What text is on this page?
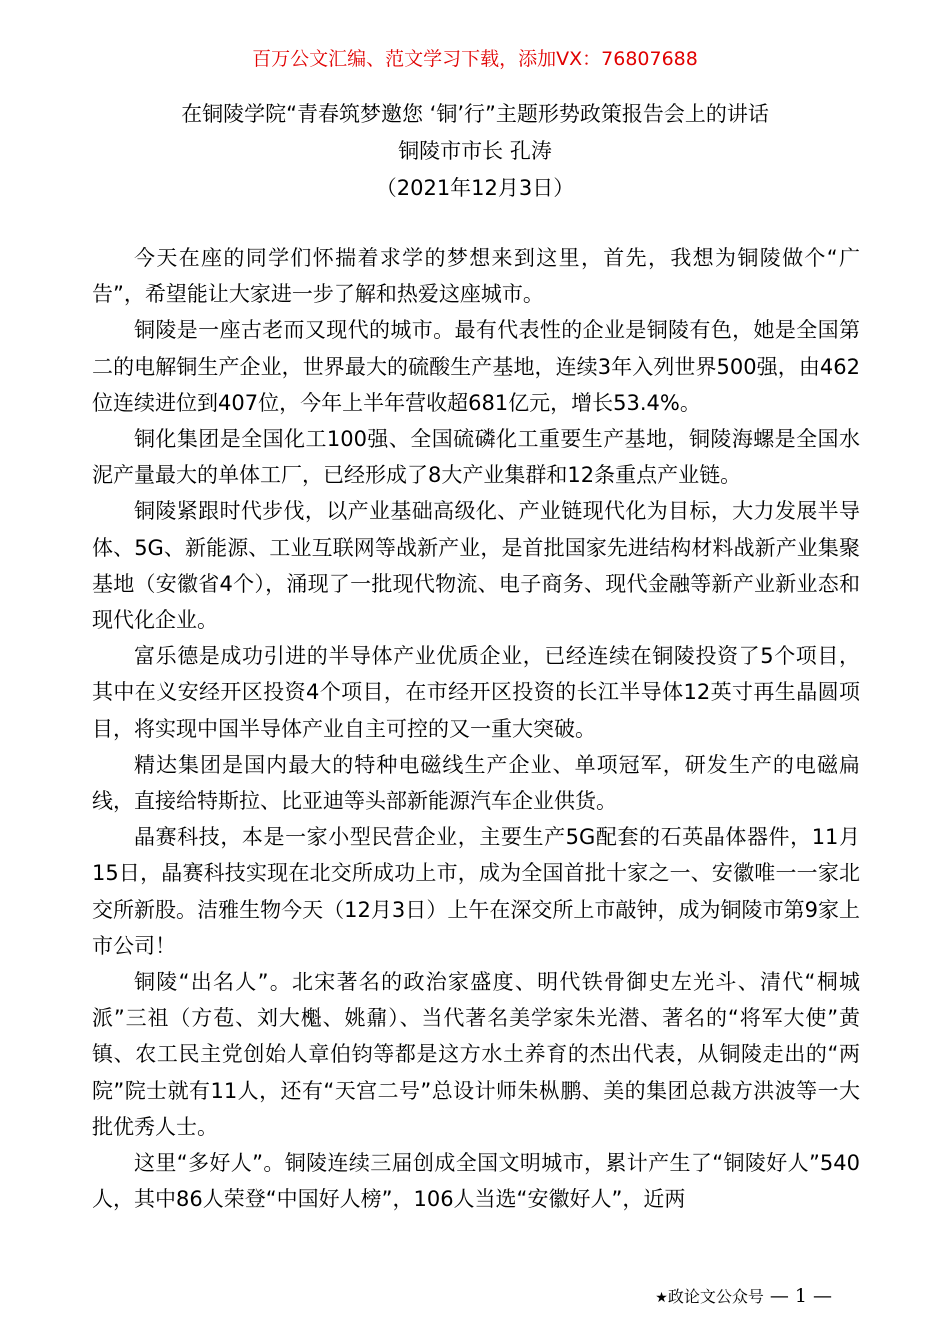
百万公文汇编、范文学习下载，添加VX：76807688
在铜陵学院“青春筑梦邀您 ‘铜’行”主题形势政策报告会上的讲话
铜陵市市长 孔涛
（2021年12月3日）

今天在座的同学们怀揣着求学的梦想来到这里，首先，我想为铜陵做个“广告”，希望能让大家进一步了解和热爱这座城市。

铜陵是一座古老而又现代的城市。最有代表性的企业是铜陵有色，她是全国第二的电解铜生产企业，世界最大的硫酸生产基地，连续3年入列世界500强，由462位连续进位到407位，今年上半年营收超681亿元，增长53.4%。

铜化集团是全国化工100强、全国硫磷化工重要生产基地，铜陵海螺是全国水泥产量最大的单体工厂，已经形成了8大产业集群和12条重点产业链。

铜陵紧跟时代步伐，以产业基础高级化、产业链现代化为目标，大力发展半导体、5G、新能源、工业互联网等战新产业，是首批国家先进结构材料战新产业集聚基地（安徽省4个），涌现了一批现代物流、电子商务、现代金融等新产业新业态和现代化企业。

富乐德是成功引进的半导体产业优质企业，已经连续在铜陵投资了5个项目，其中在义安经开区投资4个项目，在市经开区投资的长江半导体12英寸再生晶圆项目，将实现中国半导体产业自主可控的又一重大突破。

精达集团是国内最大的特种电磁线生产企业、单项冠军，研发生产的电磁扁线，直接给特斯拉、比亚迪等头部新能源汽车企业供货。

晶赛科技，本是一家小型民营企业，主要生产5G配套的石英晶体器件，11月15日，晶赛科技实现在北交所成功上市，成为全国首批十家之一、安徽唯一一家北交所新股。洁雅生物今天（12月3日）上午在深交所上市敲钟，成为铜陵市第9家上市公司！

铜陵“出名人”。北宋著名的政治家盛度、明代铁骨御史左光斗、清代“桐城派”三祖（方苞、刘大櫆、姚鼐）、当代著名美学家朱光潜、著名的“将军大使”黄镇、农工民主党创始人章伯钧等都是这方水土养育的杰出代表，从铜陵走出的“两院”院士就有11人，还有“天宫二号”总设计师朱枞鹏、美的集团总裁方洪波等一大批优秀人士。

这里“多好人”。铜陵连续三届创成全国文明城市，累计产生了“铜陵好人”540人，其中86人荣登“中国好人榜”，106人当选“安徽好人”，近两

★政论文公众号 — 1 —
